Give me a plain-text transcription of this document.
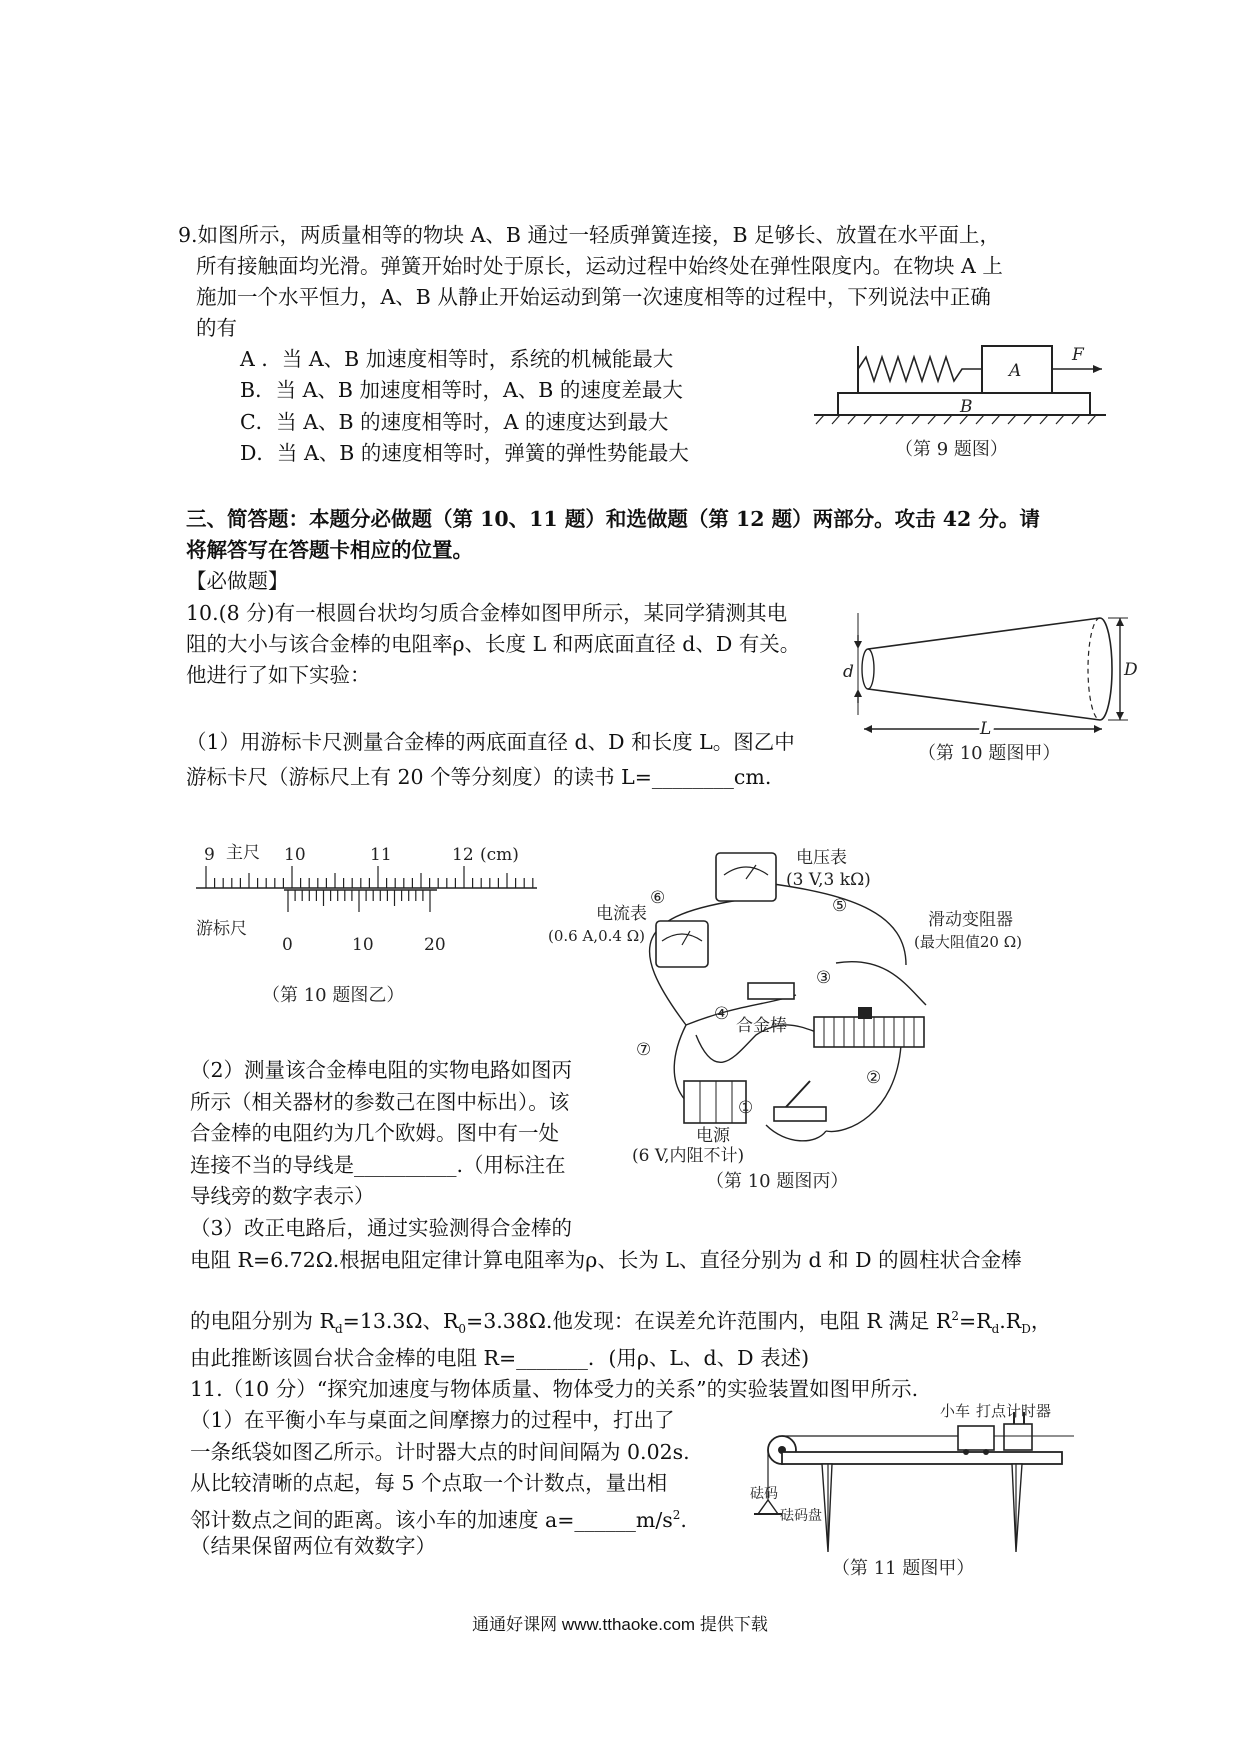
9.如图所示，两质量相等的物块 A、B 通过一轻质弹簧连接，B 足够长、放置在水平面上，
所有接触面均光滑。弹簧开始时处于原长，运动过程中始终处在弹性限度内。在物块 A 上
施加一个水平恒力，A、B 从静止开始运动到第一次速度相等的过程中，下列说法中正确
的有
A ．当 A、B 加速度相等时，系统的机械能最大
B．当 A、B 加速度相等时，A、B 的速度差最大
C．当 A、B 的速度相等时，A 的速度达到最大
D．当 A、B 的速度相等时，弹簧的弹性势能最大
A
F
B
（第 9 题图）
三、简答题：本题分必做题（第 10、11 题）和选做题（第 12 题）两部分。攻击 42 分。请
将解答写在答题卡相应的位置。
【必做题】
10.(8 分)有一根圆台状均匀质合金棒如图甲所示，某同学猜测其电
阻的大小与该合金棒的电阻率ρ、长度 L 和两底面直径 d、D 有关。
他进行了如下实验：
（1）用游标卡尺测量合金棒的两底面直径 d、D 和长度 L。图乙中
游标卡尺（游标尺上有 20 个等分刻度）的读书 L=________cm.
d	D
L
（第 10 题图甲）
9 主尺 10	11	12 (cm)
游标尺
0	10	20
（第 10 题图乙）
电压表
(3 V,3 kΩ)
电流表
(0.6 A,0.4 Ω)
合金棒
滑动变阻器
(最大阻值20 Ω)
电源
(6 V,内阻不计)
⑥	⑤
③
④
⑦
②
①
（第 10 题图丙）
（2）测量该合金棒电阻的实物电路如图丙
所示（相关器材的参数己在图中标出）。该
合金棒的电阻约为几个欧姆。图中有一处
连接不当的导线是__________.（用标注在
导线旁的数字表示）
（3）改正电路后，通过实验测得合金棒的
电阻 R=6.72Ω.根据电阻定律计算电阻率为ρ、长为 L、直径分别为 d 和 D 的圆柱状合金棒
的电阻分别为 $R_d=13.3\Omega$、$R_0=3.38\Omega$.他发现：在误差允许范围内，电阻 R 满足 $R^2=R_d.R_D$，
由此推断该圆台状合金棒的电阻 R=_______．(用ρ、L、d、D 表述)
11.（10 分）“探究加速度与物体质量、物体受力的关系”的实验装置如图甲所示.
（1）在平衡小车与桌面之间摩擦力的过程中，打出了
一条纸袋如图乙所示。计时器大点的时间间隔为 0.02s.
从比较清晰的点起，每 5 个点取一个计数点，量出相
邻计数点之间的距离。该小车的加速度 $a=\_\_\_\_\_\_m/s^2$.
（结果保留两位有效数字）
小车 打点计时器
砝码
砝码盘
（第 11 题图甲）
通通好课网 www.tthaoke.com 提供下载
